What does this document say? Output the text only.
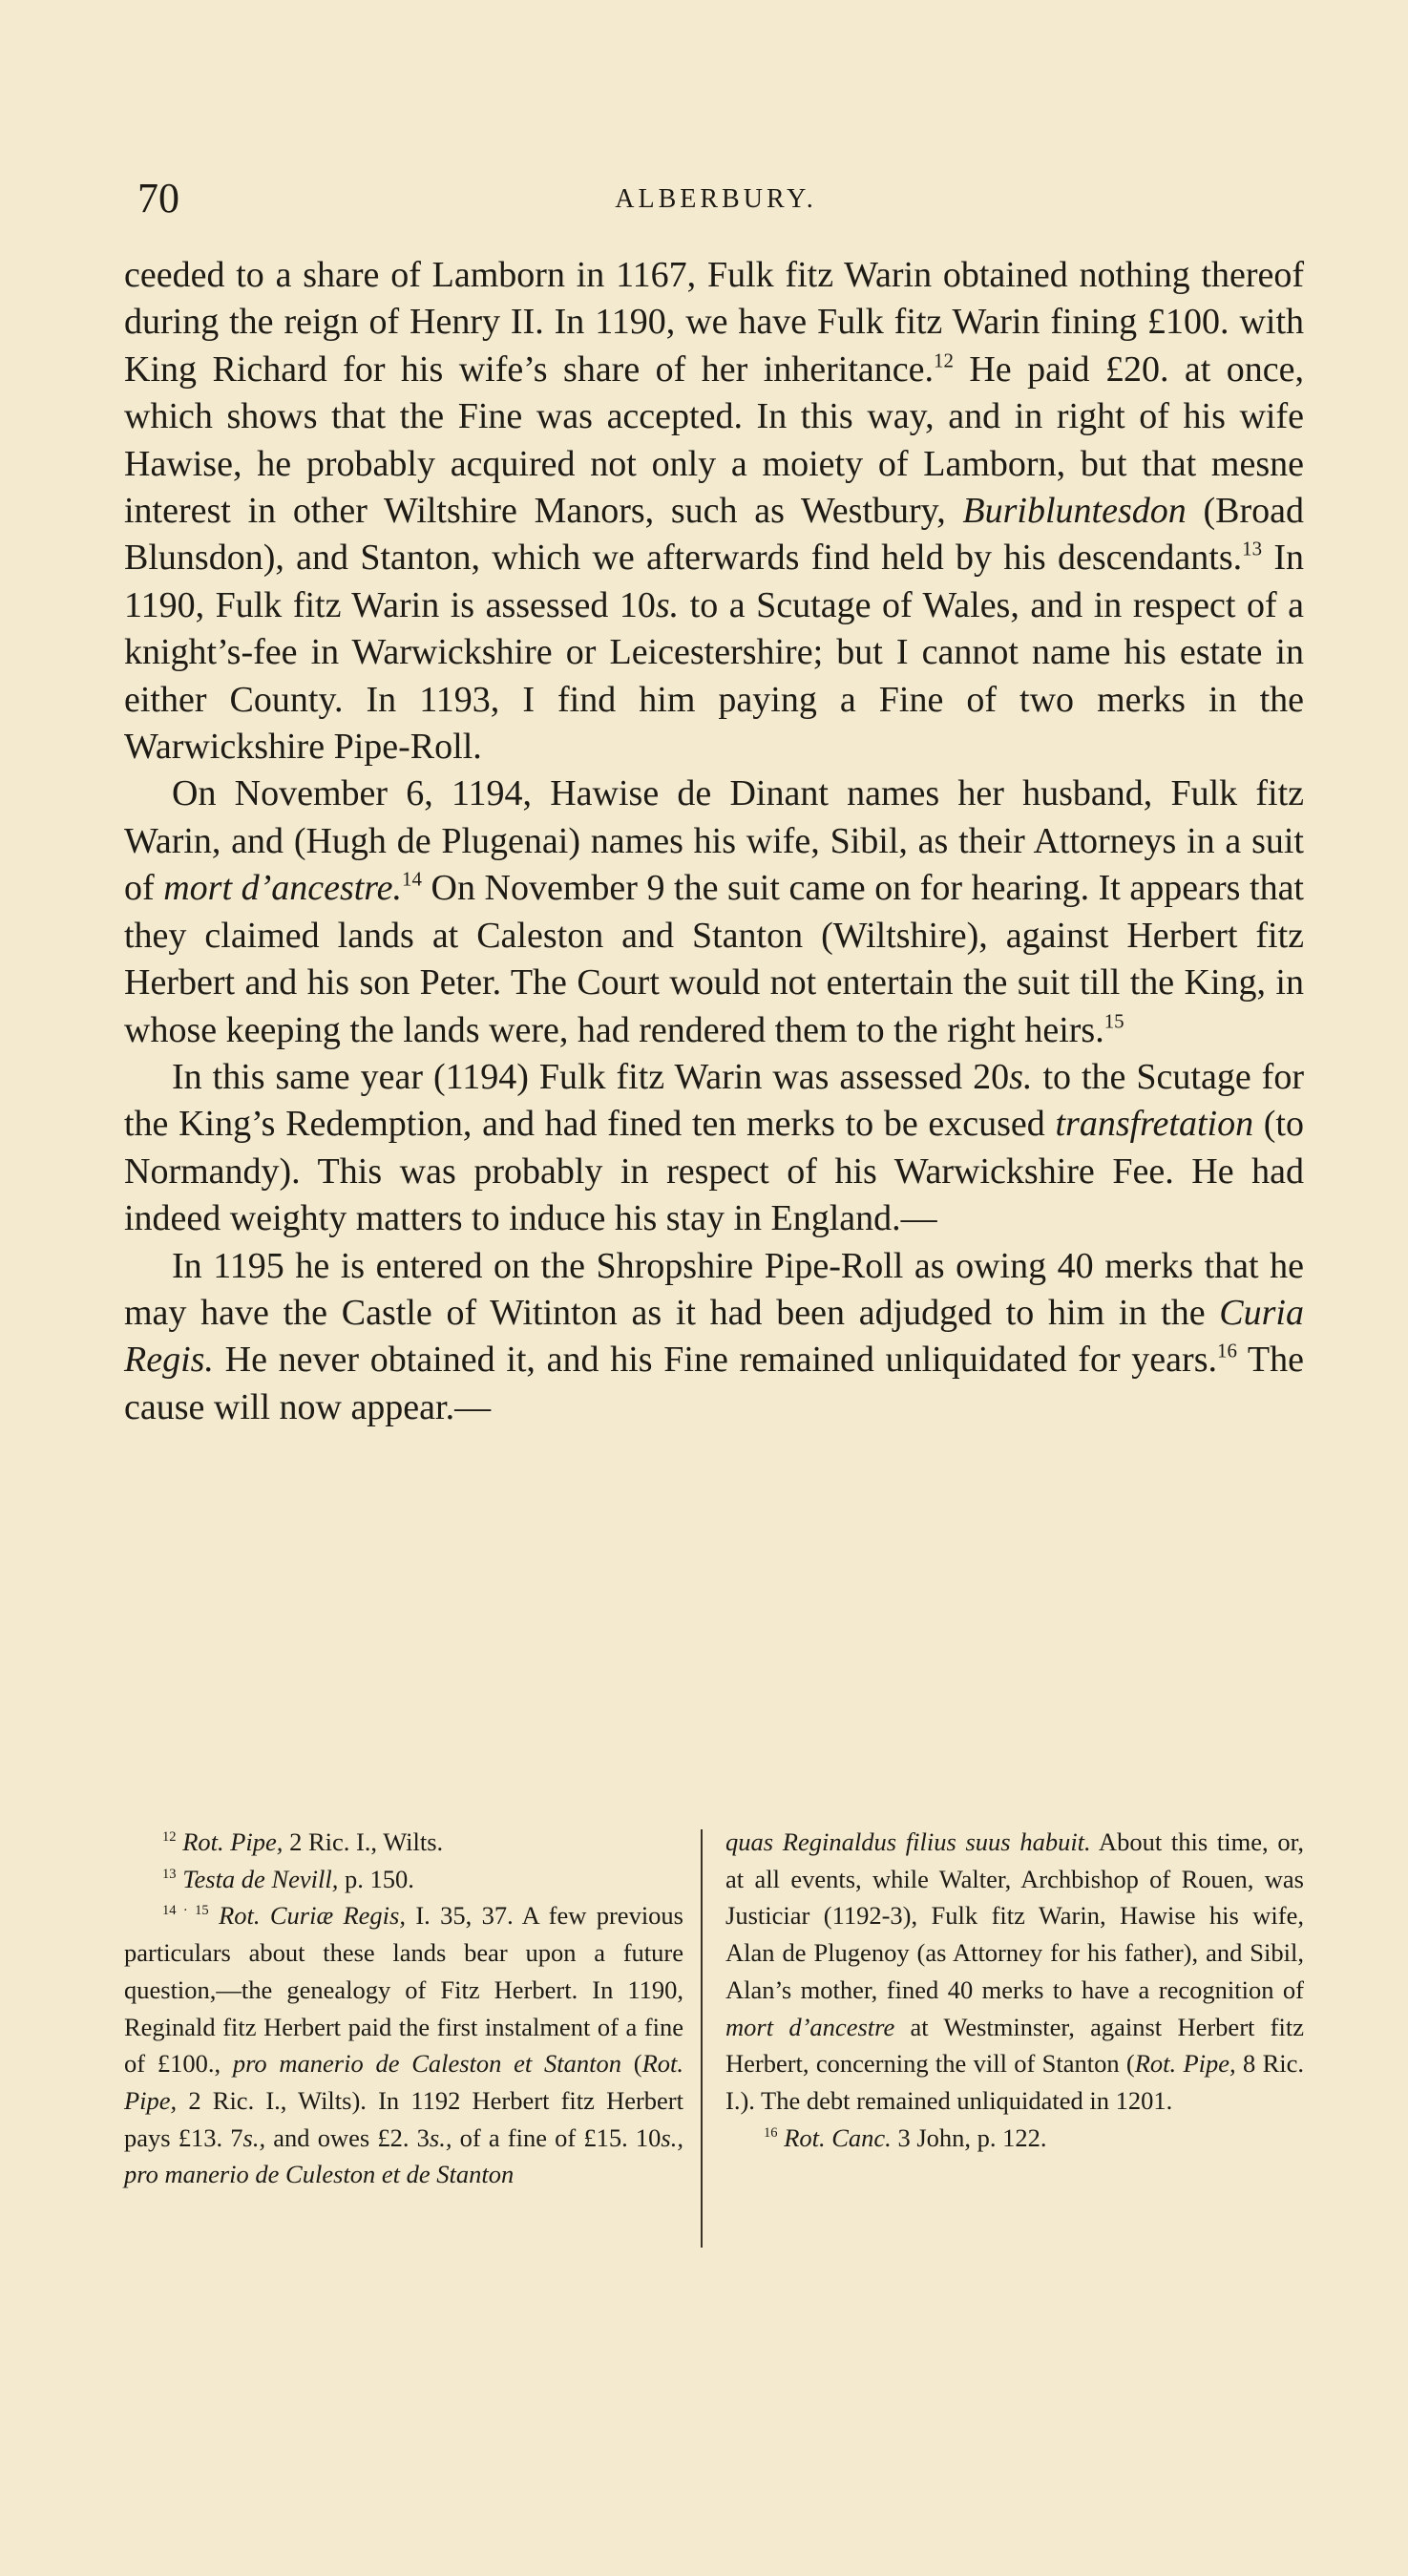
70	ALBERBURY.

ceeded to a share of Lamborn in 1167, Fulk fitz Warin obtained nothing thereof during the reign of Henry II. In 1190, we have Fulk fitz Warin fining £100. with King Richard for his wife’s share of her inheritance.$^{12}$ He paid £20. at once, which shows that the Fine was accepted. In this way, and in right of his wife Hawise, he probably acquired not only a moiety of Lamborn, but that mesne interest in other Wiltshire Manors, such as Westbury, Buribluntesdon (Broad Blunsdon), and Stanton, which we afterwards find held by his descendants.$^{13}$ In 1190, Fulk fitz Warin is assessed 10s. to a Scutage of Wales, and in respect of a knight’s-fee in Warwickshire or Leicestershire; but I cannot name his estate in either County. In 1193, I find him paying a Fine of two merks in the Warwickshire Pipe-Roll.

On November 6, 1194, Hawise de Dinant names her husband, Fulk fitz Warin, and (Hugh de Plugenai) names his wife, Sibil, as their Attorneys in a suit of mort d’ancestre.$^{14}$ On November 9 the suit came on for hearing. It appears that they claimed lands at Caleston and Stanton (Wiltshire), against Herbert fitz Herbert and his son Peter. The Court would not entertain the suit till the King, in whose keeping the lands were, had rendered them to the right heirs.$^{15}$

In this same year (1194) Fulk fitz Warin was assessed 20s. to the Scutage for the King’s Redemption, and had fined ten merks to be excused transfretation (to Normandy). This was probably in respect of his Warwickshire Fee. He had indeed weighty matters to induce his stay in England.—

In 1195 he is entered on the Shropshire Pipe-Roll as owing 40 merks that he may have the Castle of Witinton as it had been adjudged to him in the Curia Regis. He never obtained it, and his Fine remained unliquidated for years.$^{16}$ The cause will now appear.—

$^{12}$ Rot. Pipe, 2 Ric. I., Wilts.

$^{13}$ Testa de Nevill, p. 150.

$^{14 \cdot 15}$ Rot. Curiæ Regis, I. 35, 37. A few previous particulars about these lands bear upon a future question,—the genealogy of Fitz Herbert. In 1190, Reginald fitz Herbert paid the first instalment of a fine of £100., pro manerio de Caleston et Stanton (Rot. Pipe, 2 Ric. I., Wilts). In 1192 Herbert fitz Herbert pays £13. 7s., and owes £2. 3s., of a fine of £15. 10s., pro manerio de Culeston et de Stanton

quas Reginaldus filius suus habuit. About this time, or, at all events, while Walter, Archbishop of Rouen, was Justiciar (1192-3), Fulk fitz Warin, Hawise his wife, Alan de Plugenoy (as Attorney for his father), and Sibil, Alan’s mother, fined 40 merks to have a recognition of mort d’ancestre at Westminster, against Herbert fitz Herbert, concerning the vill of Stanton (Rot. Pipe, 8 Ric. I.). The debt remained unliquidated in 1201.

$^{16}$ Rot. Canc. 3 John, p. 122.
